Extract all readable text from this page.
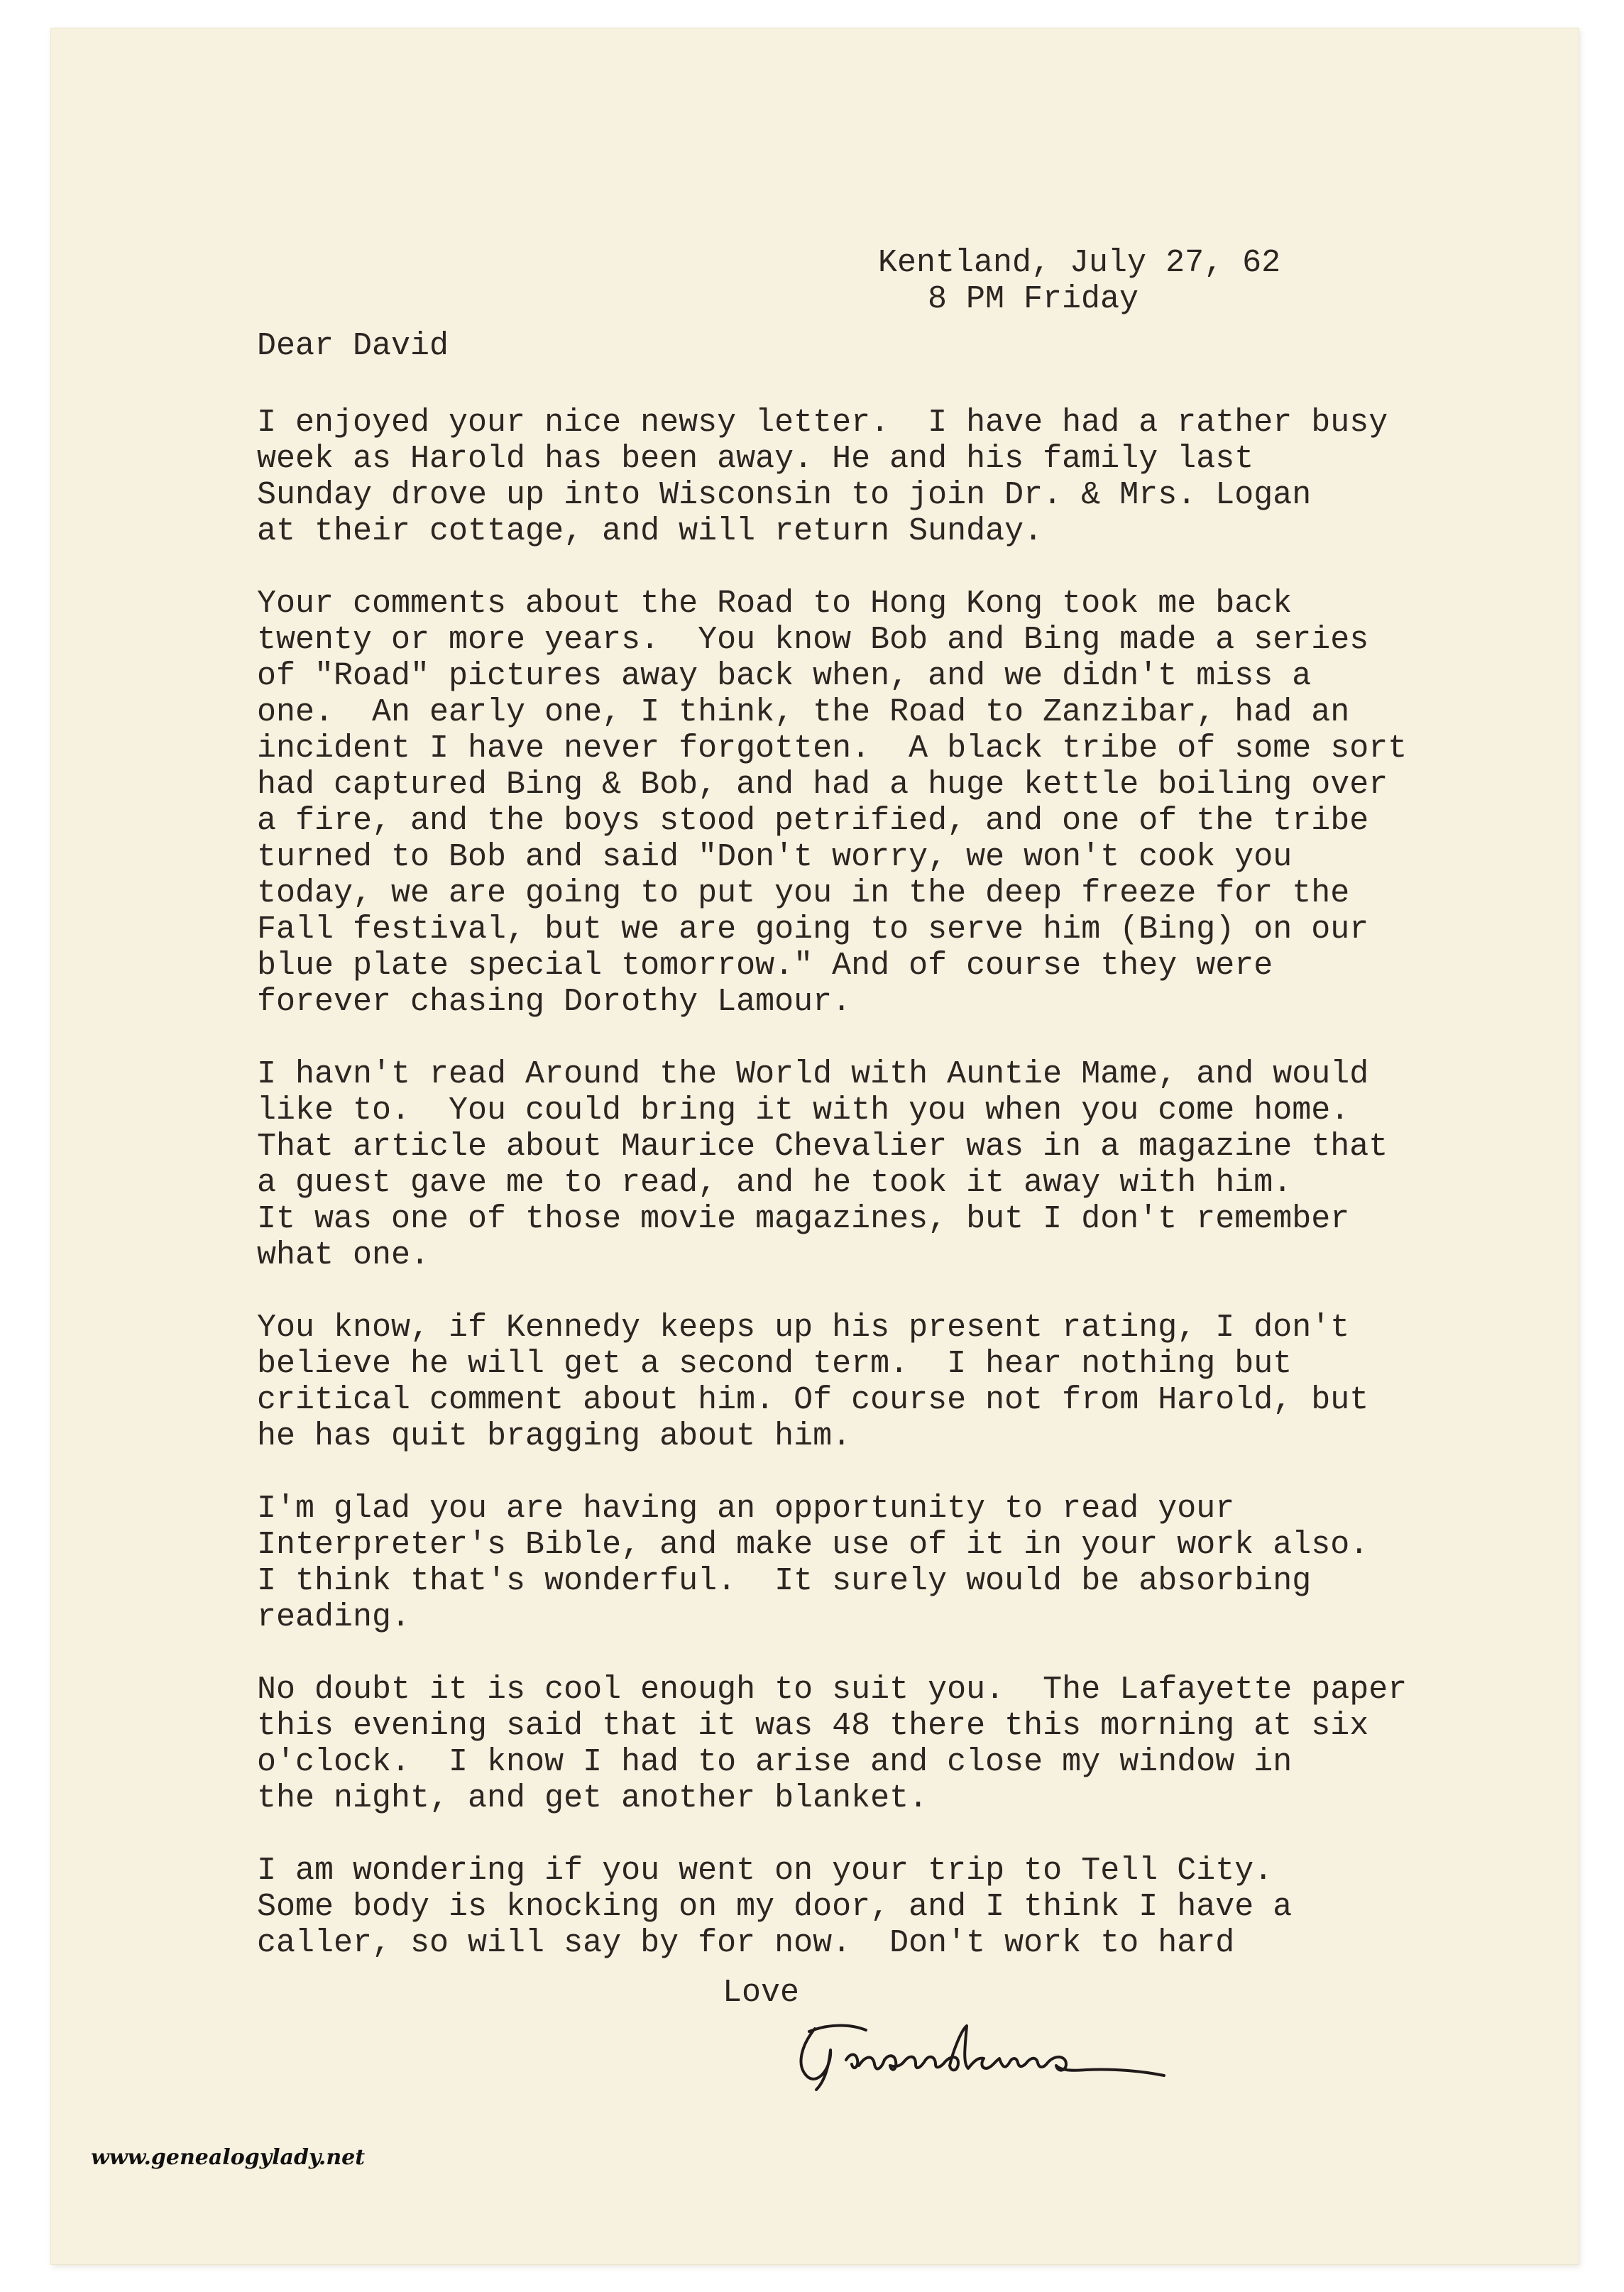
Kentland, July 27, 62

8 PM Friday

Dear David

I enjoyed your nice newsy letter.  I have had a rather busy
week as Harold has been away. He and his family last
Sunday drove up into Wisconsin to join Dr. & Mrs. Logan
at their cottage, and will return Sunday.
Your comments about the Road to Hong Kong took me back
twenty or more years.  You know Bob and Bing made a series
of "Road" pictures away back when, and we didn't miss a
one.  An early one, I think, the Road to Zanzibar, had an
incident I have never forgotten.  A black tribe of some sort
had captured Bing & Bob, and had a huge kettle boiling over
a fire, and the boys stood petrified, and one of the tribe
turned to Bob and said "Don't worry, we won't cook you
today, we are going to put you in the deep freeze for the
Fall festival, but we are going to serve him (Bing) on our
blue plate special tomorrow." And of course they were
forever chasing Dorothy Lamour.
I havn't read Around the World with Auntie Mame, and would
like to.  You could bring it with you when you come home.
That article about Maurice Chevalier was in a magazine that
a guest gave me to read, and he took it away with him.
It was one of those movie magazines, but I don't remember
what one.
You know, if Kennedy keeps up his present rating, I don't
believe he will get a second term.  I hear nothing but
critical comment about him. Of course not from Harold, but
he has quit bragging about him.
I'm glad you are having an opportunity to read your
Interpreter's Bible, and make use of it in your work also.
I think that's wonderful.  It surely would be absorbing
reading.
No doubt it is cool enough to suit you.  The Lafayette paper
this evening said that it was 48 there this morning at six
o'clock.  I know I had to arise and close my window in
the night, and get another blanket.
I am wondering if you went on your trip to Tell City.
Some body is knocking on my door, and I think I have a
caller, so will say by for now.  Don't work to hard

Love

www.genealogylady.net
